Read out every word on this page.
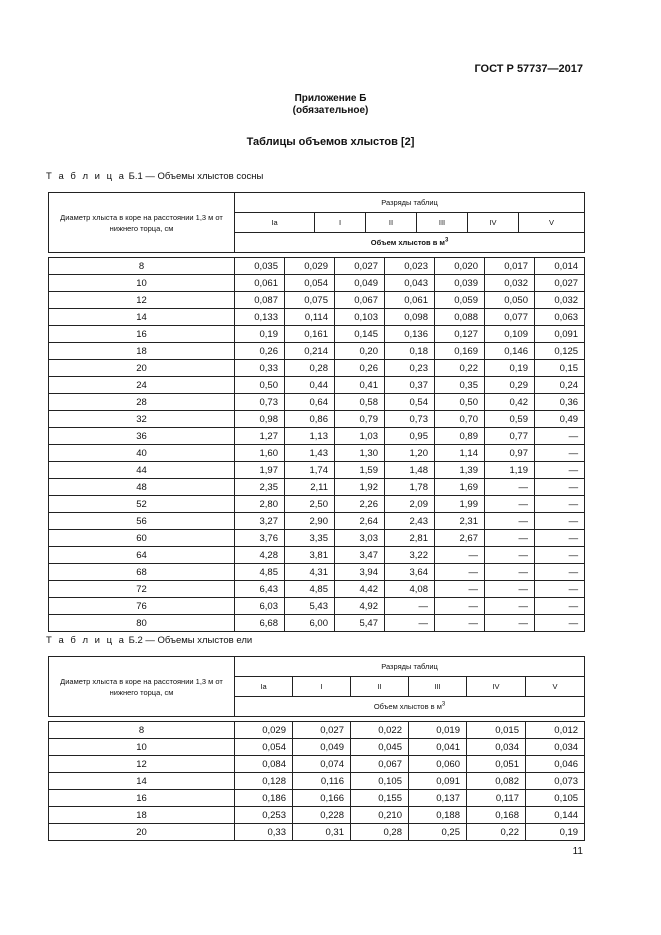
ГОСТ Р 57737—2017
Приложение Б
(обязательное)
Таблицы объемов хлыстов [2]
Т а б л и ц а Б.1 — Объемы хлыстов сосны
Диаметр хлыста в коре на расстоянии 1,3 м от нижнего торца, см	Разряды таблиц

Ia	I	II	III	IV	V

Объем хлыстов в $м^3$

8	0,035	0,029	0,027	0,023	0,020	0,017	0,014
10	0,061	0,054	0,049	0,043	0,039	0,032	0,027
12	0,087	0,075	0,067	0,061	0,059	0,050	0,032
14	0,133	0,114	0,103	0,098	0,088	0,077	0,063
16	0,19	0,161	0,145	0,136	0,127	0,109	0,091
18	0,26	0,214	0,20	0,18	0,169	0,146	0,125
20	0,33	0,28	0,26	0,23	0,22	0,19	0,15
24	0,50	0,44	0,41	0,37	0,35	0,29	0,24
28	0,73	0,64	0,58	0,54	0,50	0,42	0,36
32	0,98	0,86	0,79	0,73	0,70	0,59	0,49
36	1,27	1,13	1,03	0,95	0,89	0,77	—
40	1,60	1,43	1,30	1,20	1,14	0,97	—
44	1,97	1,74	1,59	1,48	1,39	1,19	—
48	2,35	2,11	1,92	1,78	1,69	—	—
52	2,80	2,50	2,26	2,09	1,99	—	—
56	3,27	2,90	2,64	2,43	2,31	—	—
60	3,76	3,35	3,03	2,81	2,67	—	—
64	4,28	3,81	3,47	3,22	—	—	—
68	4,85	4,31	3,94	3,64	—	—	—
72	6,43	4,85	4,42	4,08	—	—	—
76	6,03	5,43	4,92	—	—	—	—
80	6,68	6,00	5,47	—	—	—	—
Т а б л и ц а Б.2 — Объемы хлыстов ели
Диаметр хлыста в коре на расстоянии 1,3 м от нижнего торца, см	Разряды таблиц					
	Ia	I	II	III	IV	V
	Объем хлыстов в $м^3$

8	0,029	0,027	0,022	0,019	0,015	0,012
10	0,054	0,049	0,045	0,041	0,034	0,034
12	0,084	0,074	0,067	0,060	0,051	0,046
14	0,128	0,116	0,105	0,091	0,082	0,073
16	0,186	0,166	0,155	0,137	0,117	0,105
18	0,253	0,228	0,210	0,188	0,168	0,144
20	0,33	0,31	0,28	0,25	0,22	0,19
11
